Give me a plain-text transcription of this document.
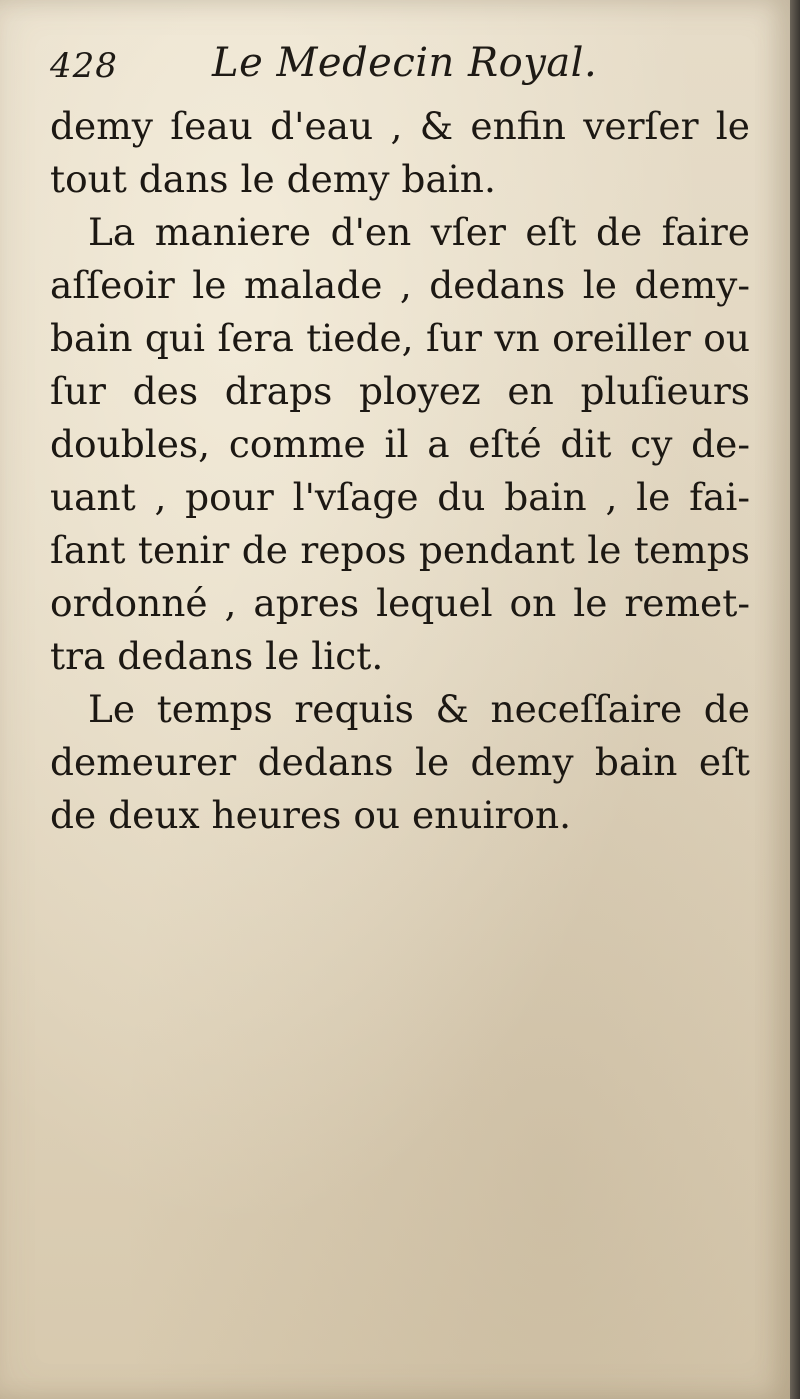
428 Le Medecin Royal.
demy ſeau d'eau , & enfin verſer le
tout dans le demy bain.
La maniere d'en vſer eſt de faire
aſſeoir le malade , dedans le demy-
bain qui ſera tiede, ſur vn oreiller ou
ſur des draps ployez en pluſieurs
doubles, comme il a eſté dit cy de-
uant , pour l'vſage du bain , le fai-
ſant tenir de repos pendant le temps
ordonné , apres lequel on le remet-
tra dedans le lict.
Le temps requis & neceſſaire de
demeurer dedans le demy bain eſt
de deux heures ou enuiron.
